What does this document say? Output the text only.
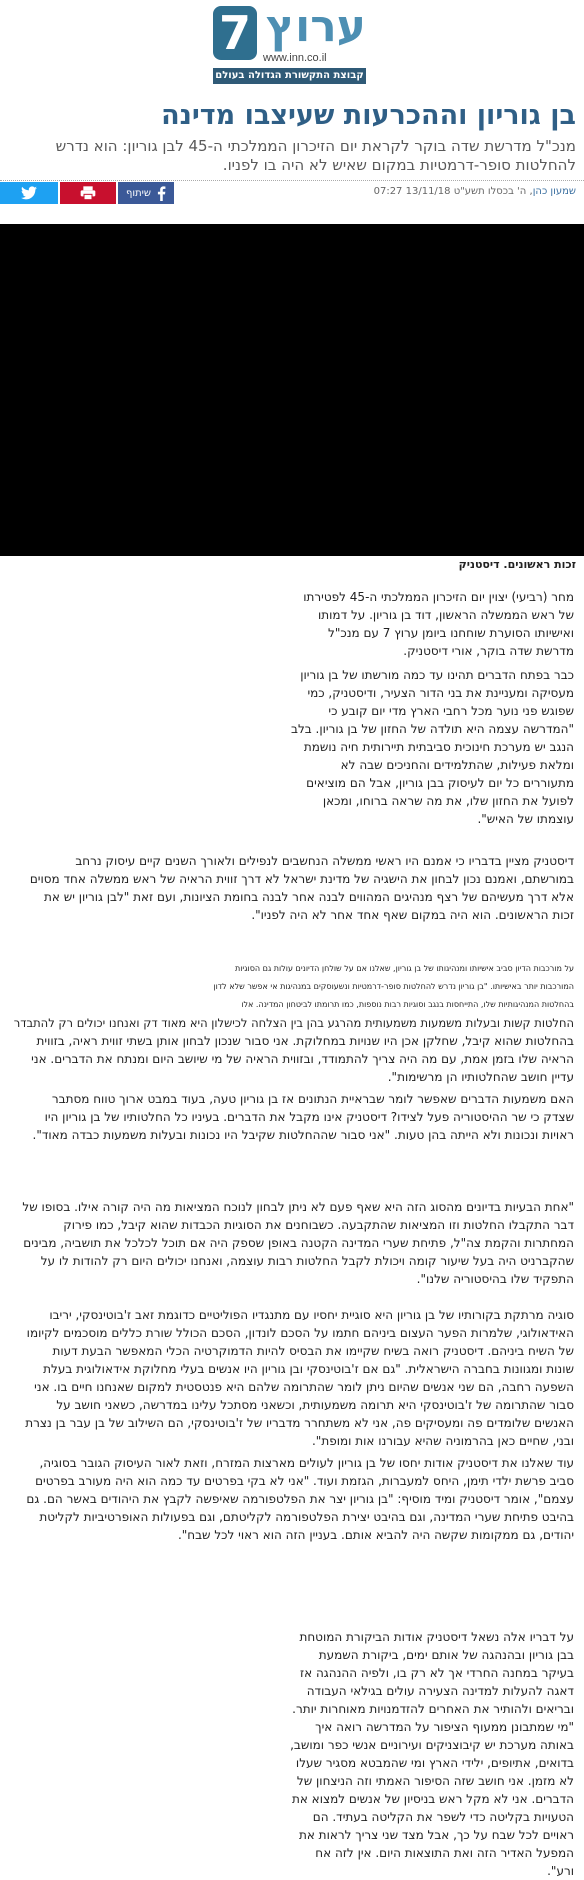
7 ערוץ
www.inn.co.il
קבוצת התקשורת הגדולה בעולם היהודי
בן גוריון וההכרעות שעיצבו מדינה
מנכ"ל מדרשת שדה בוקר לקראת יום הזיכרון הממלכתי ה-45 לבן גוריון: הוא נדרש
להחלטות סופר-דרמטיות במקום שאיש לא היה בו לפניו.
שמעון כהן, ה' בכסלו תשע"ט 13/11/18 07:27
שיתוף
זכות ראשונים. דיסטניק
מחר (רביעי) יצוין יום הזיכרון הממלכתי ה-45 לפטירתו
של ראש הממשלה הראשון, דוד בן גוריון. על דמותו
ואישיותו הסוערת שוחחנו ביומן ערוץ 7 עם מנכ"ל
מדרשת שדה בוקר, אורי דיסטניק.
כבר בפתח הדברים תהינו עד כמה מורשתו של בן גוריון
מעסיקה ומעניינת את בני הדור הצעיר, ודיסטניק, כמי
שפוגש פני נוער מכל רחבי הארץ מדי יום קובע כי
"המדרשה עצמה היא תולדה של החזון של בן גוריון. בלב
הנגב יש מערכת חינוכית סביבתית תיירותית חיה נושמת
ומלאת פעילות, שהתלמידים והחניכים שבה לא
מתעוררים כל יום לעיסוק בבן גוריון, אבל הם מוציאים
לפועל את החזון שלו, את מה שראה ברוחו, ומכאן
עוצמתו של האיש".
דיסטניק מציין בדבריו כי אמנם היו ראשי ממשלה הנחשבים לנפילים ולאורך השנים קיים עיסוק נרחב
במורשתם, ואמנם נכון לבחון את הישגיה של מדינת ישראל לא דרך זווית הראיה של ראש ממשלה אחד מסוים
אלא דרך מעשיהם של רצף מנהיגים המהווים לבנה אחר לבנה בחומת הציונות, ועם זאת "לבן גוריון יש את
זכות הראשונים. הוא היה במקום שאף אחד אחר לא היה לפניו".
על מורכבות הדיון סביב אישיותו ומנהיגותו של בן גוריון, שאלנו אם על שולחן הדיונים עולות גם הסוגיות
המורכבות יותר באישיותו. "בן גוריון נדרש להחלטות סופר-דרמטיות ונשעוסקים במנהיגות אי אפשר שלא לדון
בהחלטות המנהיגותיות שלו, התייחסות בנגב וסוגיות רבות נוספות, כמו תרומתו לביטחון המדינה. אלו
החלטות קשות ובעלות משמעות משמעותית מהרגע בהן בין הצלחה לכישלון היא מאוד דק ואנחנו יכולים רק להתבדר
בהחלטות שהוא קיבל, שחלקן אכן היו שנויות במחלוקת. אני סבור שנכון לבחון אותן בשתי זווית ראיה, בזווית
הראיה שלו בזמן אמת, עם מה היה צריך להתמודד, ובזווית הראיה של מי שיושב היום ומנתח את הדברים. אני
עדיין חושב שהחלטותיו הן מרשימות".
האם משמעות הדברים שאפשר לומר שבראיית הנתונים אז בן גוריון טעה, בעוד במבט ארוך טווח מסתבר
שצדק כי שר ההיסטוריה פעל לצידו? דיסטניק אינו מקבל את הדברים. בעיניו כל החלטותיו של בן גוריון היו
ראויות ונכונות ולא הייתה בהן טעות. "אני סבור שההחלטות שקיבל היו נכונות ובעלות משמעות כבדה מאוד".
"אחת הבעיות בדיונים מהסוג הזה היא שאף פעם לא ניתן לבחון לנוכח המציאות מה היה קורה אילו. בסופו של
דבר התקבלו החלטות וזו המציאות שהתקבעה. כשבוחנים את הסוגיות הכבדות שהוא קיבל, כמו פירוק
המחתרות והקמת צה"ל, פתיחת שערי המדינה הקטנה באופן שספק היה אם תוכל לכלכל את תושביה, מבינים
שהקברניט היה בעל שיעור קומה ויכולת לקבל החלטות רבות עוצמה, ואנחנו יכולים היום רק להודות לו על
התפקיד שלו בהיסטוריה שלנו".
סוגיה מרתקת בקורותיו של בן גוריון היא סוגיית יחסיו עם מתנגדיו הפוליטיים כדוגמת זאב ז'בוטינסקי, יריבו
האידאולוגי, שלמרות הפער העצום ביניהם חתמו על הסכם לונדון, הסכם הכולל שורת כללים מוסכמים לקיומו
של השיח ביניהם. דיסטניק רואה בשיח שקיימו את הבסיס להיות הדמוקרטיה הכלי המאפשר הבעת דעות
שונות ומגוונות בחברה הישראלית. "גם אם ז'בוטינסקי ובן גוריון היו אנשים בעלי מחלוקת אידאולוגית בעלת
השפעה רחבה, הם שני אנשים שהיום ניתן לומר שהתרומה שלהם היא פנטסטית למקום שאנחנו חיים בו. אני
סבור שהתרומה של ז'בוטינסקי היא תרומה משמעותית, וכשאני מסתכל עלינו במדרשה, כשאני חושב על
האנשים שלומדים פה ומעסיקים פה, אני לא משתחרר מדבריו של ז'בוטינסקי, הם השילוב של בן עבר בן נצרת
ובני, שחיים כאן בהרמוניה שהיא עבורנו אות ומופת".
עוד שאלנו את דיסטניק אודות יחסו של בן גוריון לעולים מארצות המזרח, וזאת לאור העיסוק הגובר בסוגיה,
סביב פרשת ילדי תימן, היחס למעברות, הגזמת ועוד. "אני לא בקי בפרטים עד כמה הוא היה מעורב בפרטים
עצמם", אומר דיסטניק ומיד מוסיף: "בן גוריון יצר את הפלטפורמה שאיפשה לקבץ את היהודים באשר הם. גם
בהיבט פתיחת שערי המדינה, וגם בהיבט יצירת הפלטפורמה לקליטתם, וגם בפעולות האופרטיביות לקליטת
יהודים, גם ממקומות שקשה היה להביא אותם. בעניין הזה הוא ראוי לכל שבח".
על דבריו אלה נשאל דיסטניק אודות הביקורת המוטחת
בבן גוריון ובהנהגה של אותם ימים, ביקורת השמעת
בעיקר במחנה החרדי אך לא רק בו, ולפיה ההנהגה אז
דאגה להעלות למדינה הצעירה עולים בגילאי העבודה
ובריאים ולהותיר את האחרים להזדמנויות מאוחרות יותר.
"מי שמתבונן ממעוף הציפור על המדרשה רואה איך
באותה מערכת יש קיבוצניקים ועירוניים אנשי כפר ומושב,
בדואים, אתיופים, ילידי הארץ ומי שהמבטא מסגיר שעלו
לא מזמן. אני חושב שזה הסיפור האמתי וזה הניצחון של
הדברים. אני לא מקל ראש בניסיון של אנשים למצוא את
הטעויות בקליטה כדי לשפר את הקליטה בעתיד. הם
ראויים לכל שבח על כך, אבל מצד שני צריך לראות את
המפעל האדיר הזה ואת התוצאות היום. אין לזה אח
ורע".
